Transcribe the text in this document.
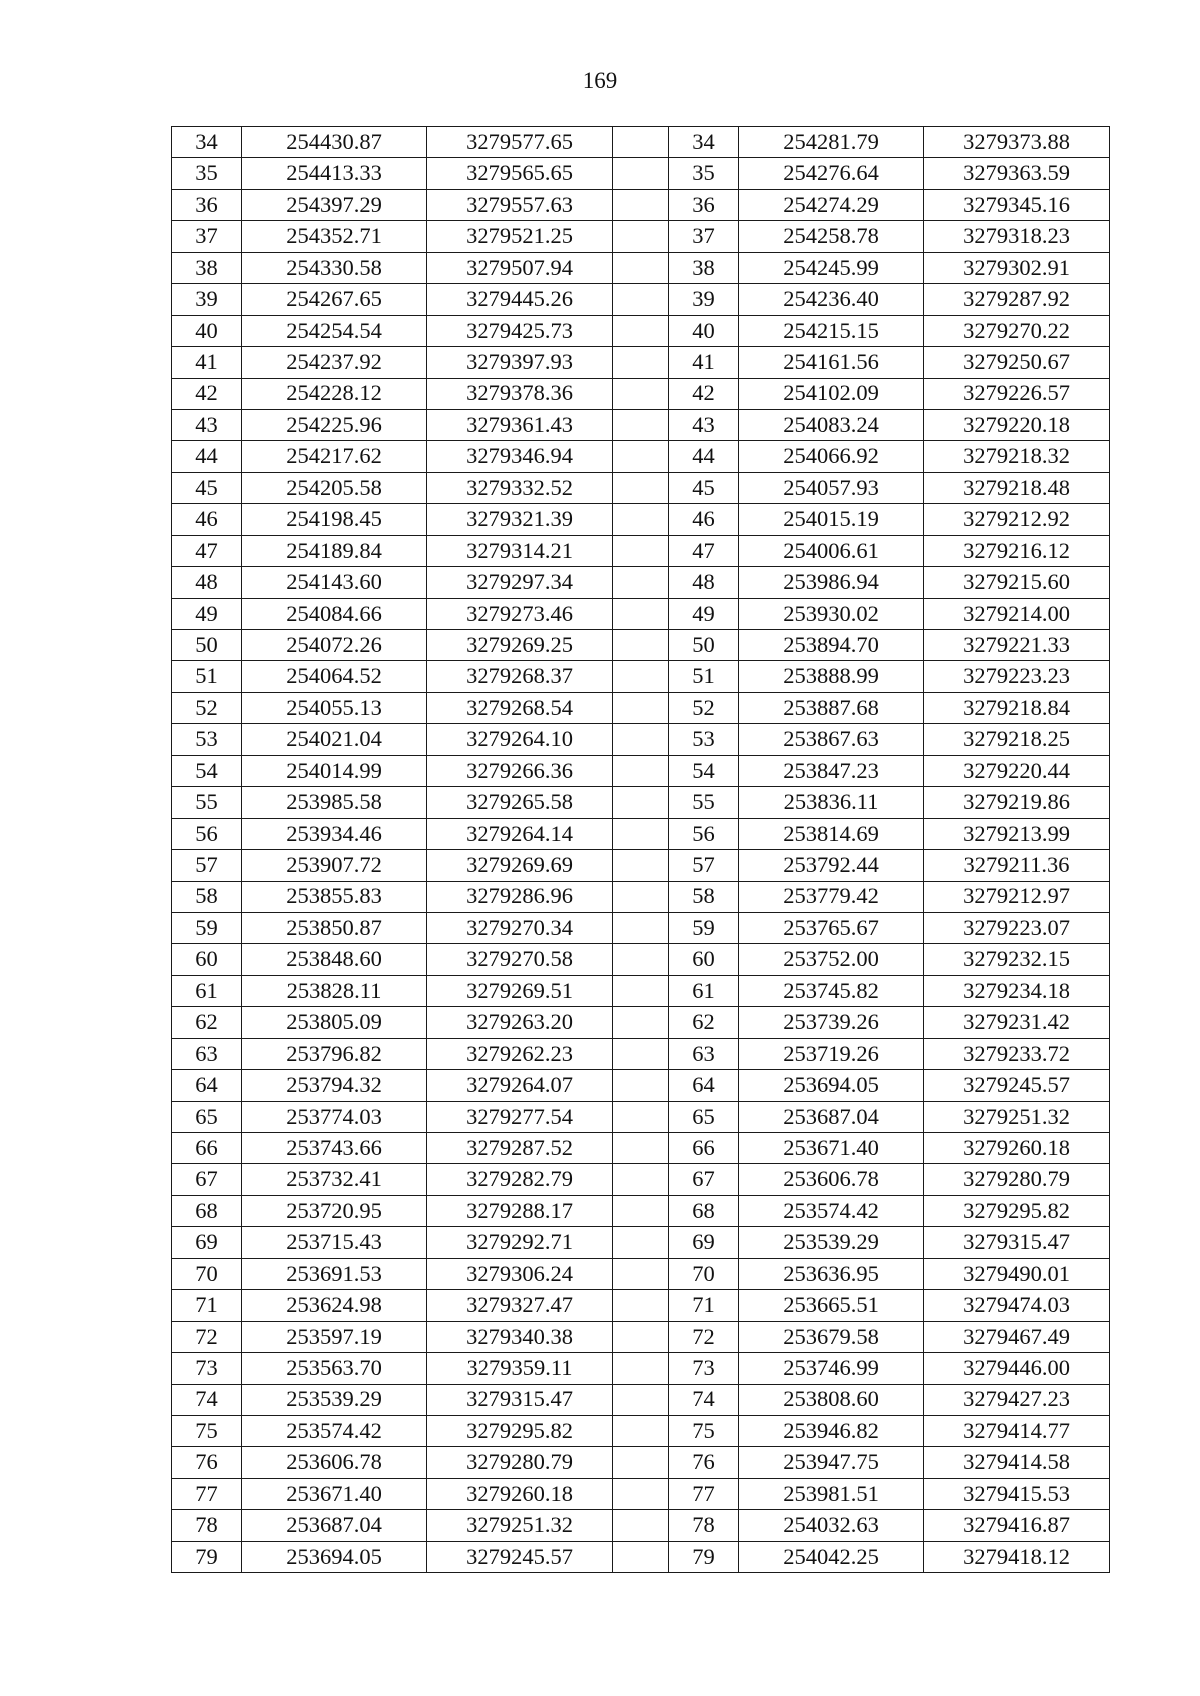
169
34	254430.87	3279577.65		34	254281.79	3279373.88
35	254413.33	3279565.65		35	254276.64	3279363.59
36	254397.29	3279557.63		36	254274.29	3279345.16
37	254352.71	3279521.25		37	254258.78	3279318.23
38	254330.58	3279507.94		38	254245.99	3279302.91
39	254267.65	3279445.26		39	254236.40	3279287.92
40	254254.54	3279425.73		40	254215.15	3279270.22
41	254237.92	3279397.93		41	254161.56	3279250.67
42	254228.12	3279378.36		42	254102.09	3279226.57
43	254225.96	3279361.43		43	254083.24	3279220.18
44	254217.62	3279346.94		44	254066.92	3279218.32
45	254205.58	3279332.52		45	254057.93	3279218.48
46	254198.45	3279321.39		46	254015.19	3279212.92
47	254189.84	3279314.21		47	254006.61	3279216.12
48	254143.60	3279297.34		48	253986.94	3279215.60
49	254084.66	3279273.46		49	253930.02	3279214.00
50	254072.26	3279269.25		50	253894.70	3279221.33
51	254064.52	3279268.37		51	253888.99	3279223.23
52	254055.13	3279268.54		52	253887.68	3279218.84
53	254021.04	3279264.10		53	253867.63	3279218.25
54	254014.99	3279266.36		54	253847.23	3279220.44
55	253985.58	3279265.58		55	253836.11	3279219.86
56	253934.46	3279264.14		56	253814.69	3279213.99
57	253907.72	3279269.69		57	253792.44	3279211.36
58	253855.83	3279286.96		58	253779.42	3279212.97
59	253850.87	3279270.34		59	253765.67	3279223.07
60	253848.60	3279270.58		60	253752.00	3279232.15
61	253828.11	3279269.51		61	253745.82	3279234.18
62	253805.09	3279263.20		62	253739.26	3279231.42
63	253796.82	3279262.23		63	253719.26	3279233.72
64	253794.32	3279264.07		64	253694.05	3279245.57
65	253774.03	3279277.54		65	253687.04	3279251.32
66	253743.66	3279287.52		66	253671.40	3279260.18
67	253732.41	3279282.79		67	253606.78	3279280.79
68	253720.95	3279288.17		68	253574.42	3279295.82
69	253715.43	3279292.71		69	253539.29	3279315.47
70	253691.53	3279306.24		70	253636.95	3279490.01
71	253624.98	3279327.47		71	253665.51	3279474.03
72	253597.19	3279340.38		72	253679.58	3279467.49
73	253563.70	3279359.11		73	253746.99	3279446.00
74	253539.29	3279315.47		74	253808.60	3279427.23
75	253574.42	3279295.82		75	253946.82	3279414.77
76	253606.78	3279280.79		76	253947.75	3279414.58
77	253671.40	3279260.18		77	253981.51	3279415.53
78	253687.04	3279251.32		78	254032.63	3279416.87
79	253694.05	3279245.57		79	254042.25	3279418.12
